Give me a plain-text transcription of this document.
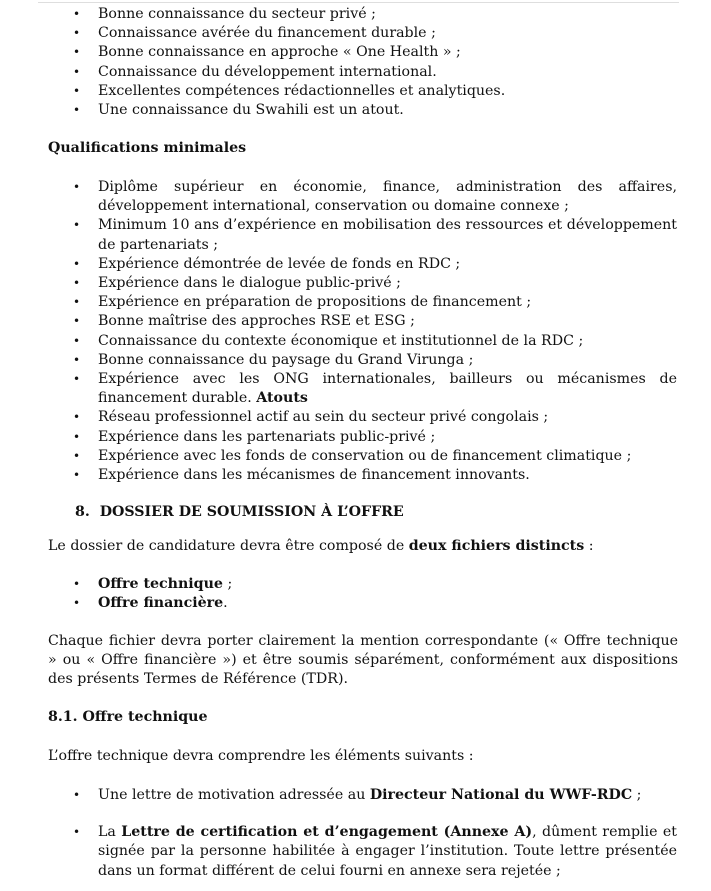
• Bonne connaissance du secteur privé ;
• Connaissance avérée du financement durable ;
• Bonne connaissance en approche « One Health » ;
• Connaissance du développement international.
• Excellentes compétences rédactionnelles et analytiques.
• Une connaissance du Swahili est un atout.
Qualifications minimales
• Diplôme supérieur en économie, finance, administration des affaires, développement international, conservation ou domaine connexe ;
• Minimum 10 ans d’expérience en mobilisation des ressources et développement de partenariats ;
• Expérience démontrée de levée de fonds en RDC ;
• Expérience dans le dialogue public-privé ;
• Expérience en préparation de propositions de financement ;
• Bonne maîtrise des approches RSE et ESG ;
• Connaissance du contexte économique et institutionnel de la RDC ;
• Bonne connaissance du paysage du Grand Virunga ;
• Expérience avec les ONG internationales, bailleurs ou mécanismes de financement durable. Atouts
• Réseau professionnel actif au sein du secteur privé congolais ;
• Expérience dans les partenariats public-privé ;
• Expérience avec les fonds de conservation ou de financement climatique ;
• Expérience dans les mécanismes de financement innovants.
8. DOSSIER DE SOUMISSION À L’OFFRE
Le dossier de candidature devra être composé de deux fichiers distincts :
• Offre technique ;
• Offre financière.
Chaque fichier devra porter clairement la mention correspondante (« Offre technique » ou « Offre financière ») et être soumis séparément, conformément aux dispositions des présents Termes de Référence (TDR).
8.1. Offre technique
L’offre technique devra comprendre les éléments suivants :
• Une lettre de motivation adressée au Directeur National du WWF-RDC ;
• La Lettre de certification et d’engagement (Annexe A), dûment remplie et signée par la personne habilitée à engager l’institution. Toute lettre présentée dans un format différent de celui fourni en annexe sera rejetée ;
